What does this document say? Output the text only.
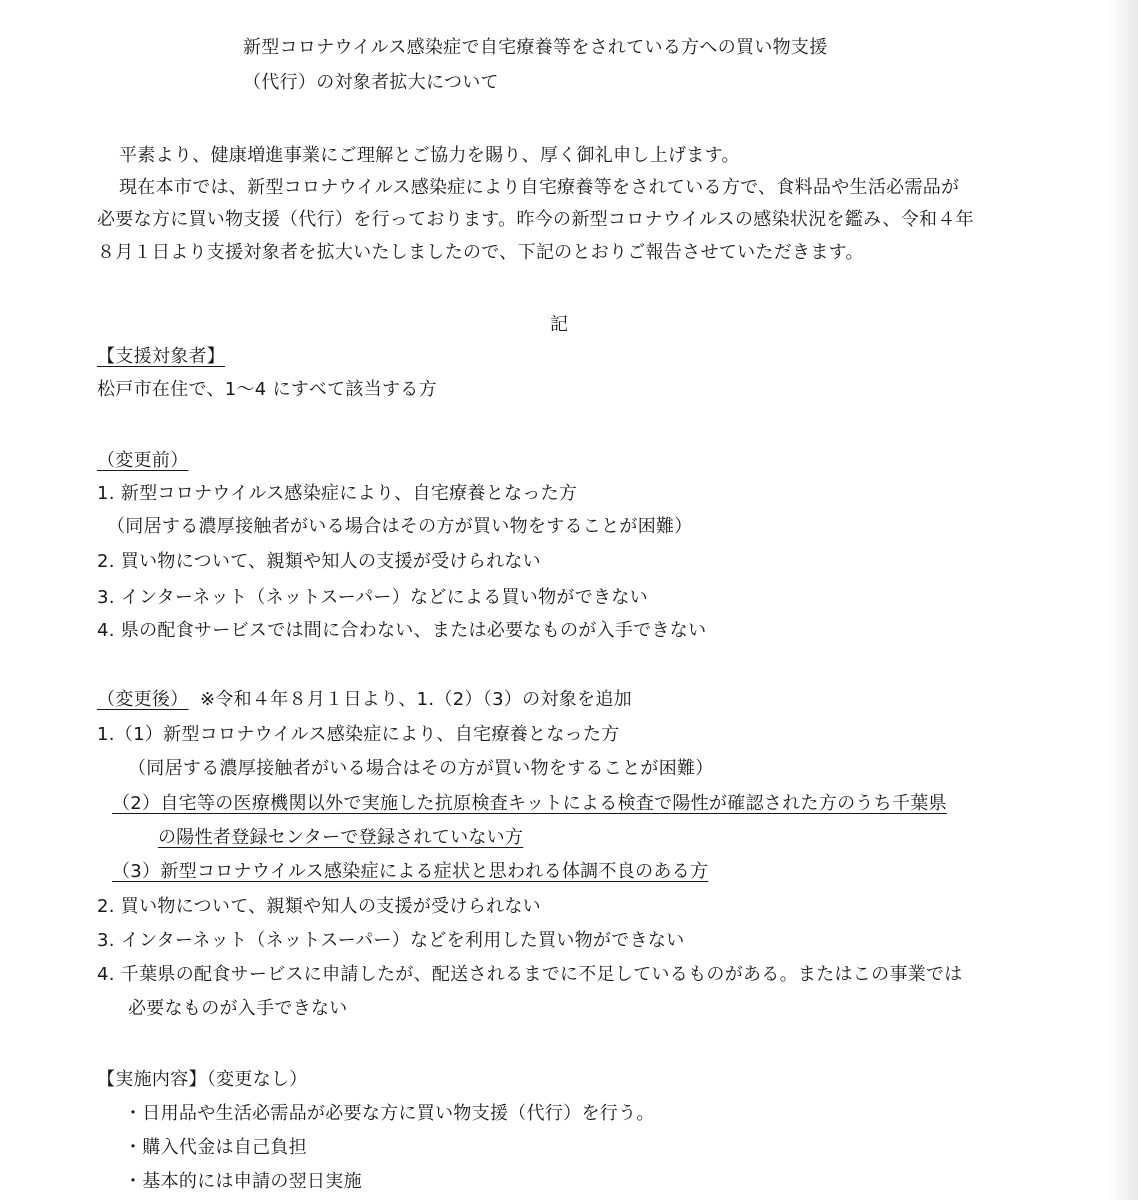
新型コロナウイルス感染症で自宅療養等をされている方への買い物支援
（代行）の対象者拡大について
平素より、健康増進事業にご理解とご協力を賜り、厚く御礼申し上げます。
現在本市では、新型コロナウイルス感染症により自宅療養等をされている方で、食料品や生活必需品が
必要な方に買い物支援（代行）を行っております。昨今の新型コロナウイルスの感染状況を鑑み、令和４年
８月１日より支援対象者を拡大いたしましたので、下記のとおりご報告させていただきます。
記
【支援対象者】
松戸市在住で、1～4 にすべて該当する方
（変更前）
1. 新型コロナウイルス感染症により、自宅療養となった方
（同居する濃厚接触者がいる場合はその方が買い物をすることが困難）
2. 買い物について、親類や知人の支援が受けられない
3. インターネット（ネットスーパー）などによる買い物ができない
4. 県の配食サービスでは間に合わない、または必要なものが入手できない
（変更後） ※令和４年８月１日より、1.（2）（3）の対象を追加
1.（1）新型コロナウイルス感染症により、自宅療養となった方
（同居する濃厚接触者がいる場合はその方が買い物をすることが困難）
（2）自宅等の医療機関以外で実施した抗原検査キットによる検査で陽性が確認された方のうち千葉県
の陽性者登録センターで登録されていない方
（3）新型コロナウイルス感染症による症状と思われる体調不良のある方
2. 買い物について、親類や知人の支援が受けられない
3. インターネット（ネットスーパー）などを利用した買い物ができない
4. 千葉県の配食サービスに申請したが、配送されるまでに不足しているものがある。またはこの事業では
必要なものが入手できない
【実施内容】（変更なし）
・日用品や生活必需品が必要な方に買い物支援（代行）を行う。
・購入代金は自己負担
・基本的には申請の翌日実施
